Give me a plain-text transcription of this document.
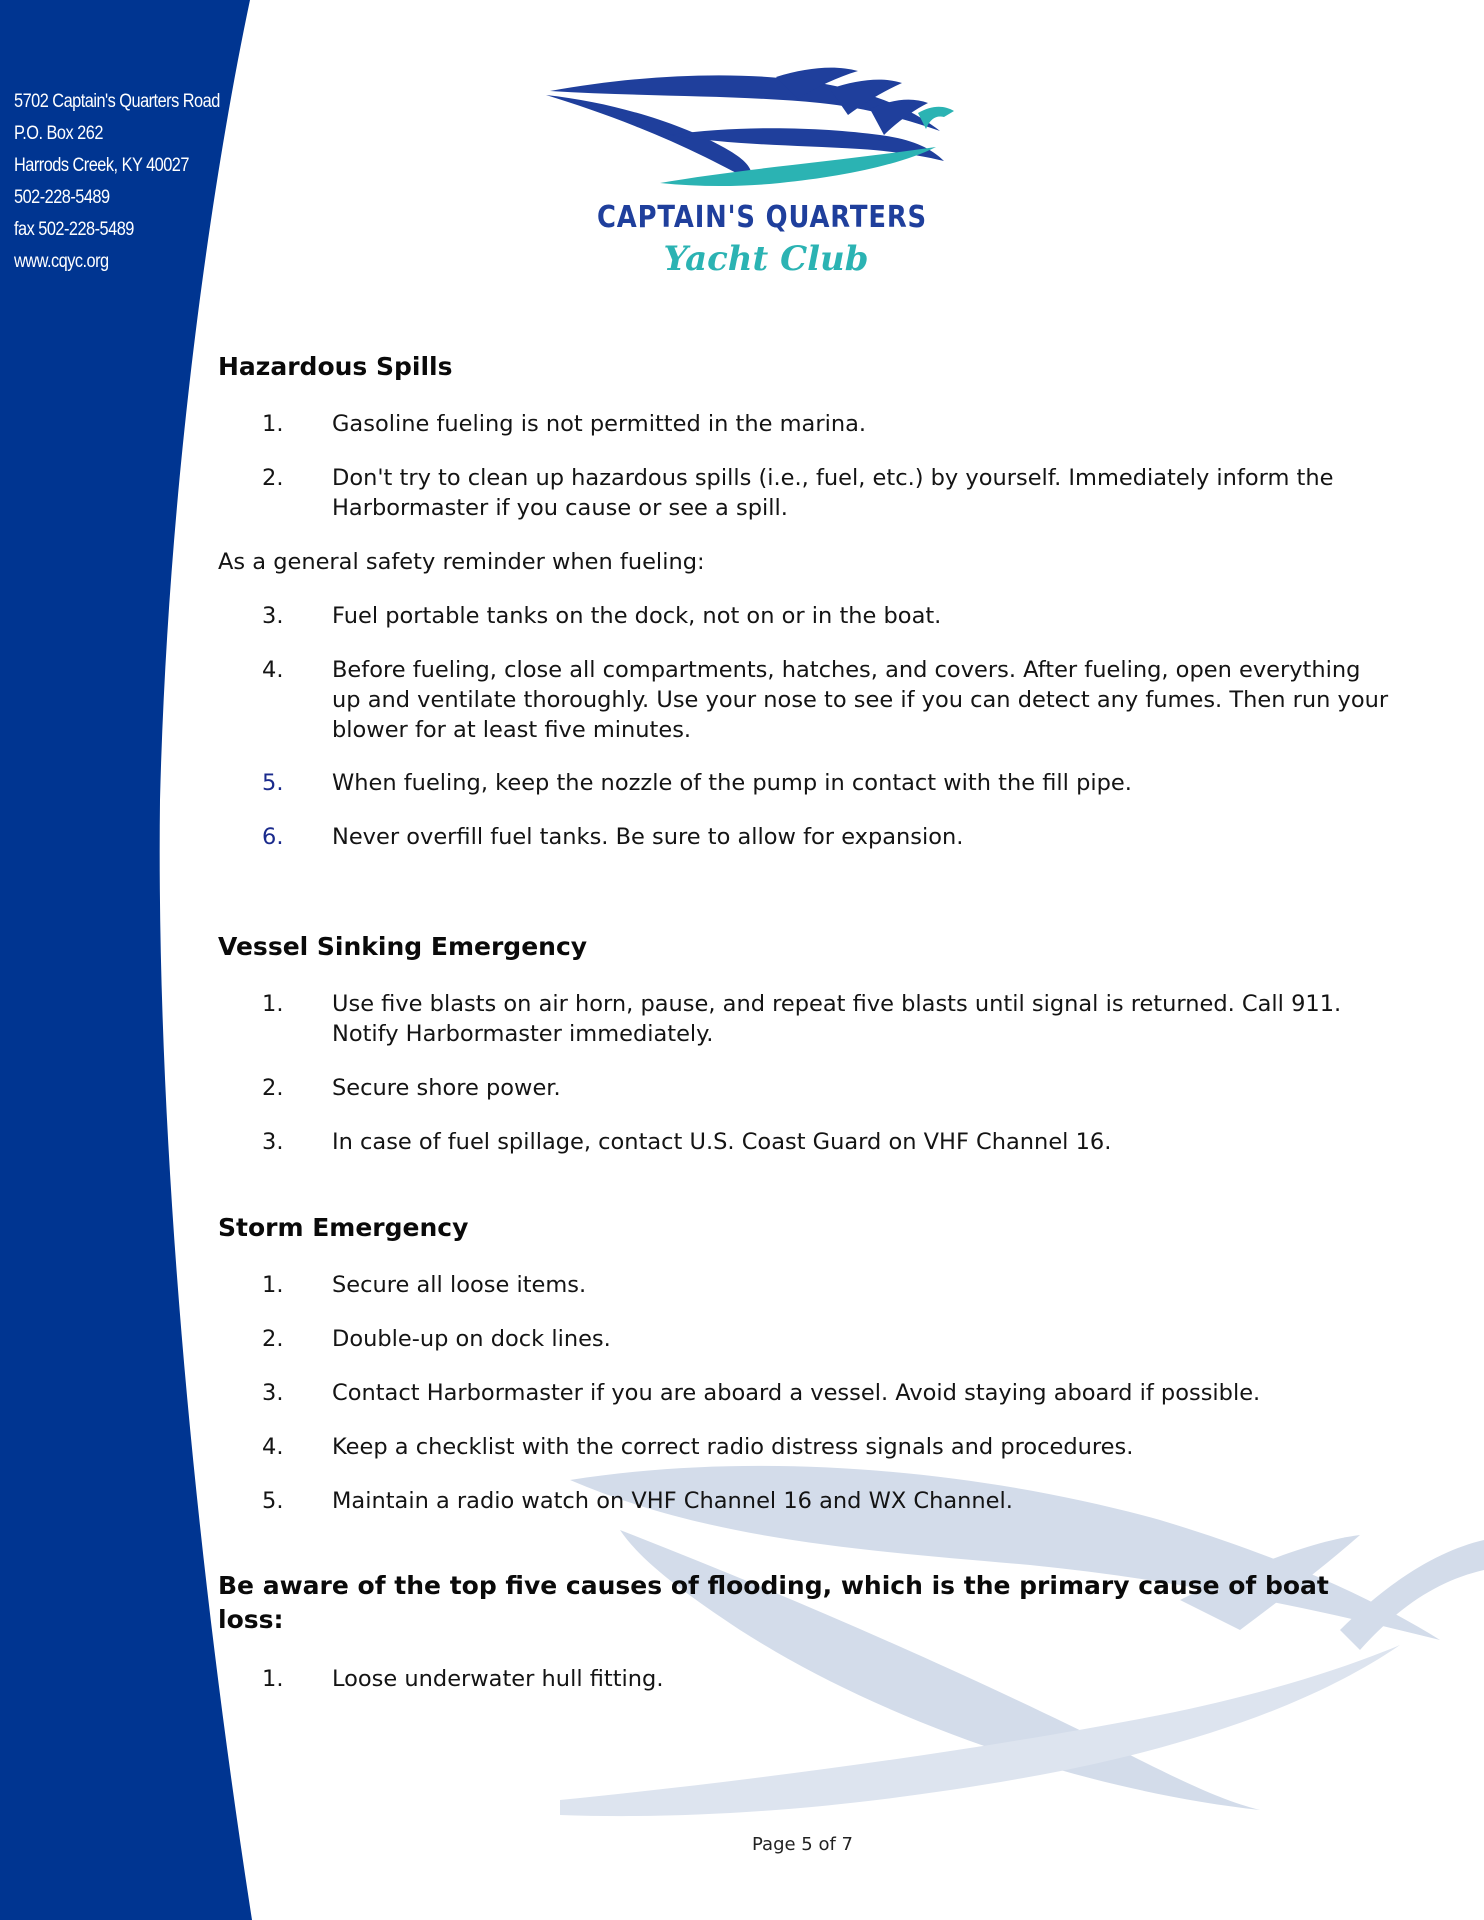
5702 Captain's Quarters Road
P.O. Box 262
Harrods Creek, KY 40027
502-228-5489
fax 502-228-5489
www.cqyc.org
CAPTAIN'S QUARTERS
Yacht Club
Hazardous Spills
1. Gasoline fueling is not permitted in the marina.
2. Don't try to clean up hazardous spills (i.e., fuel, etc.) by yourself. Immediately inform the Harbormaster if you cause or see a spill.
As a general safety reminder when fueling:
3. Fuel portable tanks on the dock, not on or in the boat.
4. Before fueling, close all compartments, hatches, and covers. After fueling, open everything up and ventilate thoroughly. Use your nose to see if you can detect any fumes. Then run your blower for at least five minutes.
5. When fueling, keep the nozzle of the pump in contact with the fill pipe.
6. Never overfill fuel tanks. Be sure to allow for expansion.
Vessel Sinking Emergency
1. Use five blasts on air horn, pause, and repeat five blasts until signal is returned. Call 911. Notify Harbormaster immediately.
2. Secure shore power.
3. In case of fuel spillage, contact U.S. Coast Guard on VHF Channel 16.
Storm Emergency
1. Secure all loose items.
2. Double-up on dock lines.
3. Contact Harbormaster if you are aboard a vessel. Avoid staying aboard if possible.
4. Keep a checklist with the correct radio distress signals and procedures.
5. Maintain a radio watch on VHF Channel 16 and WX Channel.
Be aware of the top five causes of flooding, which is the primary cause of boat loss:
1. Loose underwater hull fitting.
Page 5 of 7
